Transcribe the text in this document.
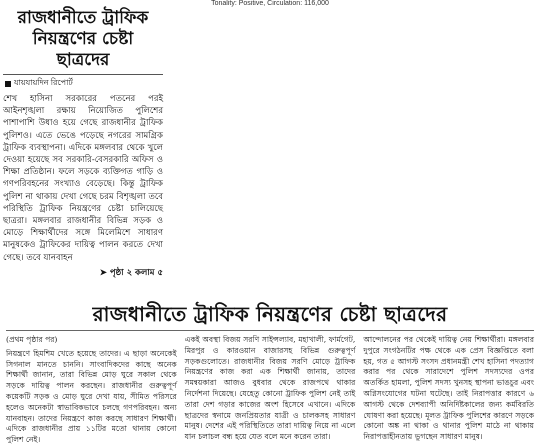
Tonality: Positive, Circulation: 116,000
রাজধানীতে ট্রাফিক
নিয়ন্ত্রণের চেষ্টা
ছাত্রদের
যায়যায়দিন রিপোর্ট
শেখ হাসিনা সরকারের পতনের পরই আইনশৃঙ্খলা রক্ষায় নিয়োজিত পুলিশের পাশাপাশি উধাও হয়ে গেছে রাজধানীর ট্রাফিক পুলিশও। এতে ভেঙে পড়েছে নগরের সামগ্রিক ট্রাফিক ব্যবস্থাপনা। এদিকে মঙ্গলবার থেকে খুলে দেওয়া হয়েছে সব সরকারি-বেসরকারি অফিস ও শিক্ষা প্রতিষ্ঠান। ফলে সড়কে ব্যক্তিগত গাড়ি ও গণপরিবহনের সংখ্যাও বেড়েছে। কিন্তু ট্রাফিক পুলিশ না থাকায় দেখা গেছে চরম বিশৃঙ্খলা তবে পরিস্থিতি ট্রাফিক নিয়ন্ত্রণের চেষ্টা চালিয়েছে ছাত্ররা। মঙ্গলবার রাজধানীর বিভিন্ন সড়ক ও মোড়ে শিক্ষার্থীদের সঙ্গে মিলেমিশে সাধারণ মানুষকেও ট্রাফিকের দায়িত্ব পালন করতে দেখা গেছে। তবে যানবাহন
➤ পৃষ্ঠা ২ কলাম ৫
রাজধানীতে ট্রাফিক নিয়ন্ত্রণের চেষ্টা ছাত্রদের
(প্রথম পৃষ্ঠার পর)
নিয়ন্ত্রণে হিমশিম খেতে হয়েছে তাদের। এ ছাড়া অনেকেই সিগনাল মানতে চাননি। সাংবাদিকদের কাছে অনেক শিক্ষার্থী জানান, তারা বিভিন্ন মোড় ঘুরে সকাল থেকে সড়কে দায়িত্ব পালন করছেন। রাজধানীর গুরুত্বপূর্ণ কয়েকটি সড়ক ও মোড় ঘুরে দেখা যায়, সীমিত পরিসরে হলেও অনেকটা স্বাভাবিকভাবে চলছে গণপরিবহন। অন্য যানবাহন। তাদের নিয়ন্ত্রণে কাজ করছে সাধারণ শিক্ষার্থী। এদিকে রাজধানীর প্রায় ১১টির মতো থানায় কোনো পুলিশ নেই।
একই অবস্থা বিজয় সরণি সাইন্সল্যাব, মহাখালী, ফার্মগেট, মিরপুর ও কারওয়ান বাজারসহ বিভিন্ন গুরুত্বপূর্ণ সড়কগুলোতে। রাজধানীর বিজয় সরণি মোড়ে ট্রাফিক নিয়ন্ত্রণের কাজ করা এক শিক্ষার্থী জানায়, তাদের সমন্বয়কারা আজও বুধবার থেকে রাজপথে থাকার নির্দেশনা দিয়েছে। যেহেতু কোনো ট্রাফিক পুলিশ নেই তাই তারা দেশ গড়ার কাজের অংশ হিসেবে এখানে। এদিকে ছাত্রদের স্বনামে জনপ্রিয়তার যাত্রী ও চালকসহ সাধারণ মানুষ। দেশের এই পরিস্থিতিতে তারা দায়িত্ব নিয়ে না এলে যান চলাচল বন্ধ হয়ে যেত বলে মনে করেন তারা।
আন্দোলনের পর থেকেই দায়িত্ব নেয় শিক্ষার্থীরা। মঙ্গলবার দুপুরে সংগঠনটির পক্ষ থেকে এক প্রেস বিজ্ঞপ্তিতে বলা হয়, গত ৫ আগস্ট সংসদ প্রধানমন্ত্রী শেখ হাসিনা পদত্যাগ করার পর থেকে সারাদেশে পুলিশ সদস্যদের ওপর অতর্কিত হামলা, পুলিশ সদস্য খুনসহ স্থাপনা ভাঙচুর এবং অগ্নিসংযোগের ঘটনা ঘটেছে। তাই নিরাপত্তার কারণে ৬ আগস্ট থেকে দেশব্যাপী অনির্দিষ্টকালের জন্য কর্মবিরতি ঘোষণা করা হয়েছে। মূলত ট্রাফিক পুলিশের কারণে সড়কে কোনো অঙ্ক না থাকা ও থানার পুলিশ মাঠে না থাকায় নিরাপত্তাহীনতায় ভুগছেন সাধারণ মানুষ।
